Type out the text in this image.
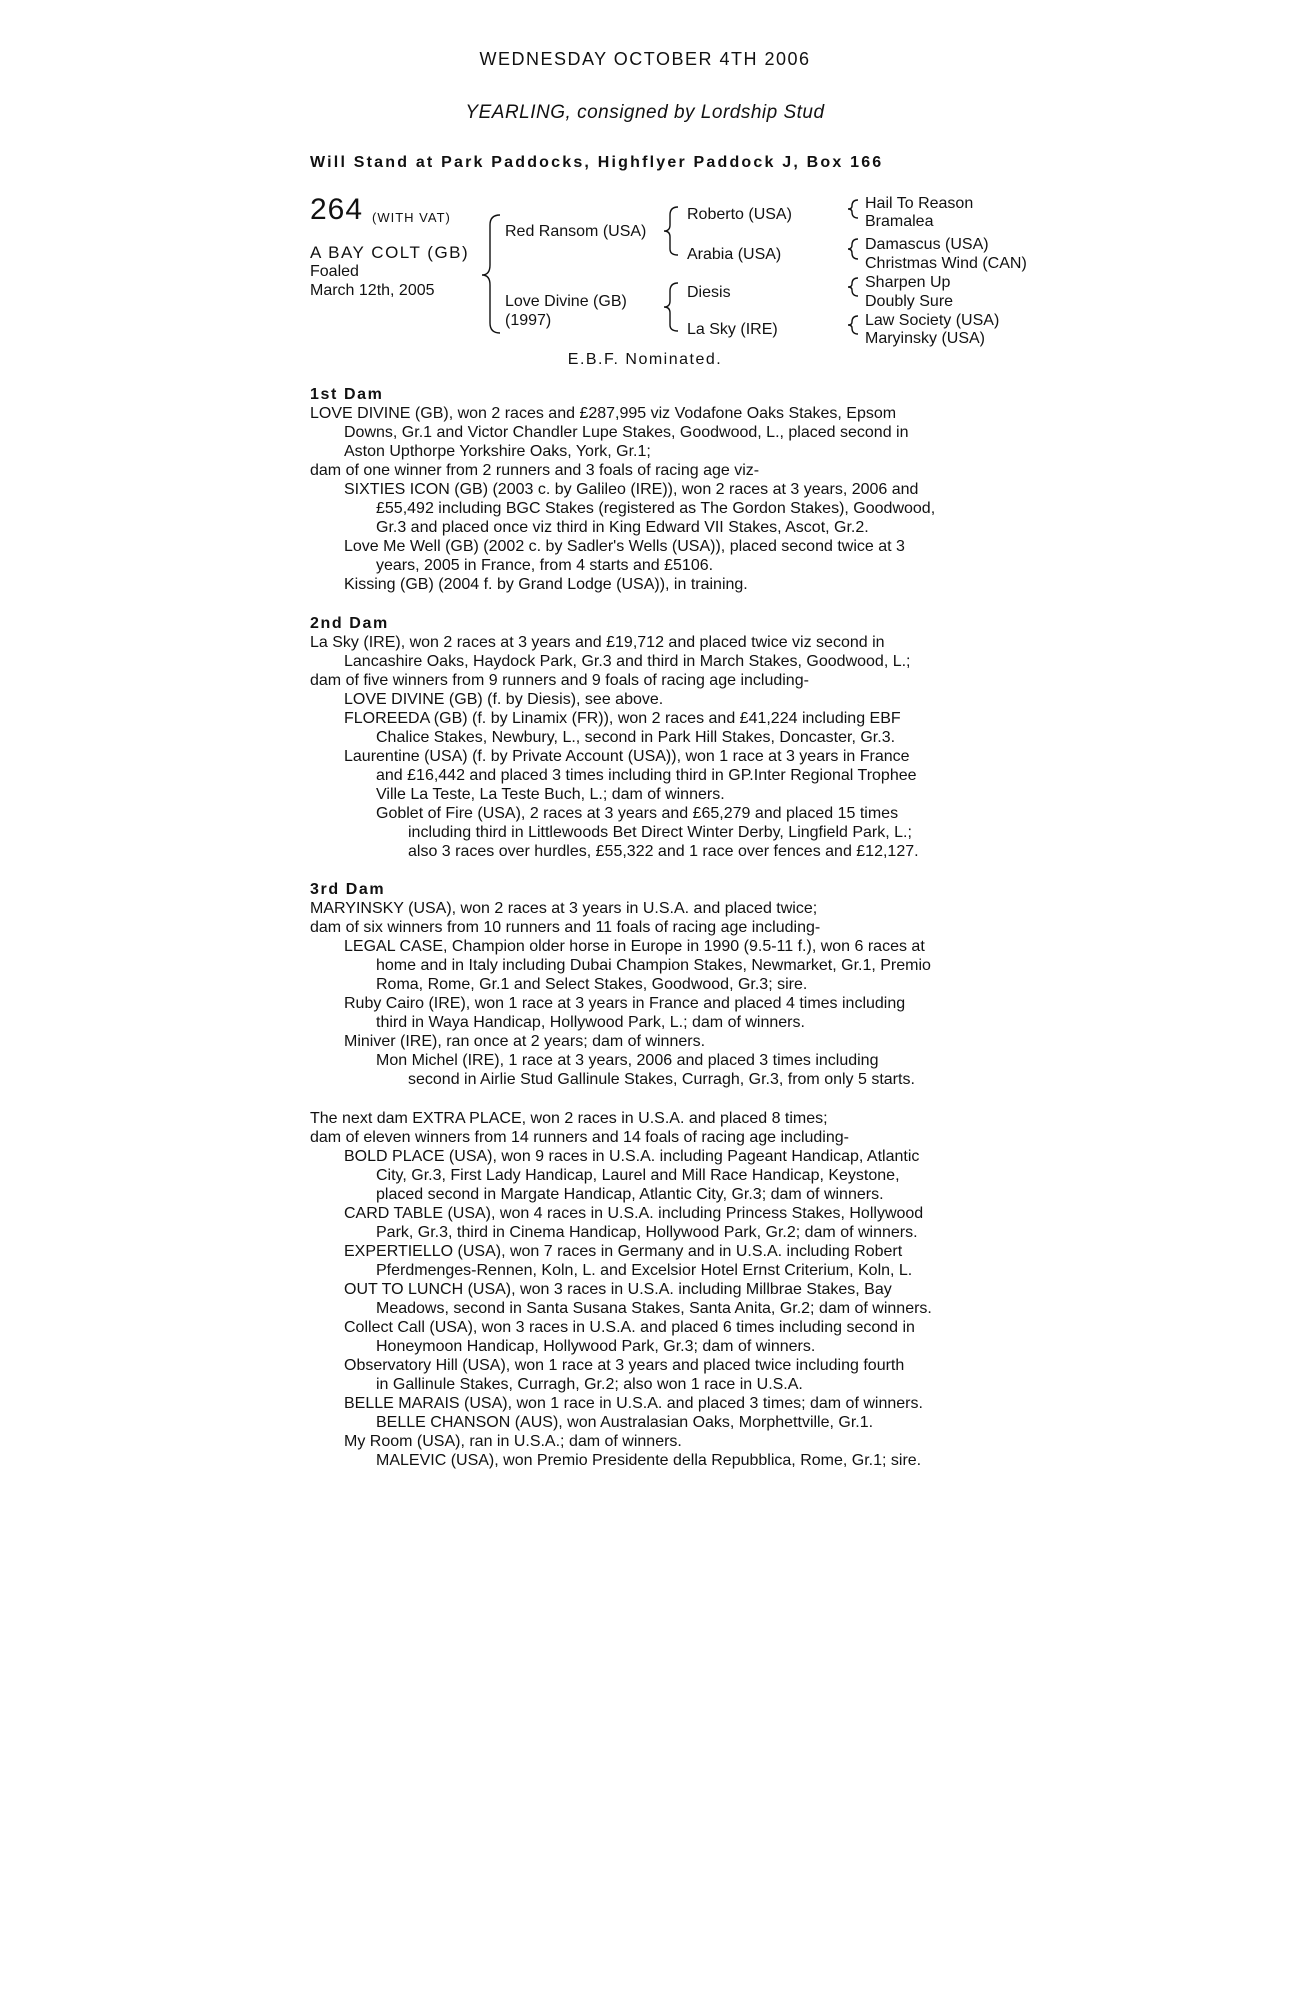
WEDNESDAY OCTOBER 4TH 2006
YEARLING, consigned by Lordship Stud
Will Stand at Park Paddocks, Highflyer Paddock J, Box 166
264 (WITH VAT)
A BAY COLT (GB)
Foaled
March 12th, 2005
Red Ransom (USA)
Love Divine (GB)
(1997)
Roberto (USA)
Arabia (USA)
Diesis
La Sky (IRE)
Hail To Reason
Bramalea
Damascus (USA)
Christmas Wind (CAN)
Sharpen Up
Doubly Sure
Law Society (USA)
Maryinsky (USA)
E.B.F. Nominated.
1st Dam
LOVE DIVINE (GB), won 2 races and £287,995 viz Vodafone Oaks Stakes, Epsom
Downs, Gr.1 and Victor Chandler Lupe Stakes, Goodwood, L., placed second in
Aston Upthorpe Yorkshire Oaks, York, Gr.1;
dam of one winner from 2 runners and 3 foals of racing age viz-
SIXTIES ICON (GB) (2003 c. by Galileo (IRE)), won 2 races at 3 years, 2006 and
£55,492 including BGC Stakes (registered as The Gordon Stakes), Goodwood,
Gr.3 and placed once viz third in King Edward VII Stakes, Ascot, Gr.2.
Love Me Well (GB) (2002 c. by Sadler's Wells (USA)), placed second twice at 3
years, 2005 in France, from 4 starts and £5106.
Kissing (GB) (2004 f. by Grand Lodge (USA)), in training.
2nd Dam
La Sky (IRE), won 2 races at 3 years and £19,712 and placed twice viz second in
Lancashire Oaks, Haydock Park, Gr.3 and third in March Stakes, Goodwood, L.;
dam of five winners from 9 runners and 9 foals of racing age including-
LOVE DIVINE (GB) (f. by Diesis), see above.
FLOREEDA (GB) (f. by Linamix (FR)), won 2 races and £41,224 including EBF
Chalice Stakes, Newbury, L., second in Park Hill Stakes, Doncaster, Gr.3.
Laurentine (USA) (f. by Private Account (USA)), won 1 race at 3 years in France
and £16,442 and placed 3 times including third in GP.Inter Regional Trophee
Ville La Teste, La Teste Buch, L.; dam of winners.
Goblet of Fire (USA), 2 races at 3 years and £65,279 and placed 15 times
including third in Littlewoods Bet Direct Winter Derby, Lingfield Park, L.;
also 3 races over hurdles, £55,322 and 1 race over fences and £12,127.
3rd Dam
MARYINSKY (USA), won 2 races at 3 years in U.S.A. and placed twice;
dam of six winners from 10 runners and 11 foals of racing age including-
LEGAL CASE, Champion older horse in Europe in 1990 (9.5-11 f.), won 6 races at
home and in Italy including Dubai Champion Stakes, Newmarket, Gr.1, Premio
Roma, Rome, Gr.1 and Select Stakes, Goodwood, Gr.3; sire.
Ruby Cairo (IRE), won 1 race at 3 years in France and placed 4 times including
third in Waya Handicap, Hollywood Park, L.; dam of winners.
Miniver (IRE), ran once at 2 years; dam of winners.
Mon Michel (IRE), 1 race at 3 years, 2006 and placed 3 times including
second in Airlie Stud Gallinule Stakes, Curragh, Gr.3, from only 5 starts.
The next dam EXTRA PLACE, won 2 races in U.S.A. and placed 8 times;
dam of eleven winners from 14 runners and 14 foals of racing age including-
BOLD PLACE (USA), won 9 races in U.S.A. including Pageant Handicap, Atlantic
City, Gr.3, First Lady Handicap, Laurel and Mill Race Handicap, Keystone,
placed second in Margate Handicap, Atlantic City, Gr.3; dam of winners.
CARD TABLE (USA), won 4 races in U.S.A. including Princess Stakes, Hollywood
Park, Gr.3, third in Cinema Handicap, Hollywood Park, Gr.2; dam of winners.
EXPERTIELLO (USA), won 7 races in Germany and in U.S.A. including Robert
Pferdmenges-Rennen, Koln, L. and Excelsior Hotel Ernst Criterium, Koln, L.
OUT TO LUNCH (USA), won 3 races in U.S.A. including Millbrae Stakes, Bay
Meadows, second in Santa Susana Stakes, Santa Anita, Gr.2; dam of winners.
Collect Call (USA), won 3 races in U.S.A. and placed 6 times including second in
Honeymoon Handicap, Hollywood Park, Gr.3; dam of winners.
Observatory Hill (USA), won 1 race at 3 years and placed twice including fourth
in Gallinule Stakes, Curragh, Gr.2; also won 1 race in U.S.A.
BELLE MARAIS (USA), won 1 race in U.S.A. and placed 3 times; dam of winners.
BELLE CHANSON (AUS), won Australasian Oaks, Morphettville, Gr.1.
My Room (USA), ran in U.S.A.; dam of winners.
MALEVIC (USA), won Premio Presidente della Repubblica, Rome, Gr.1; sire.
